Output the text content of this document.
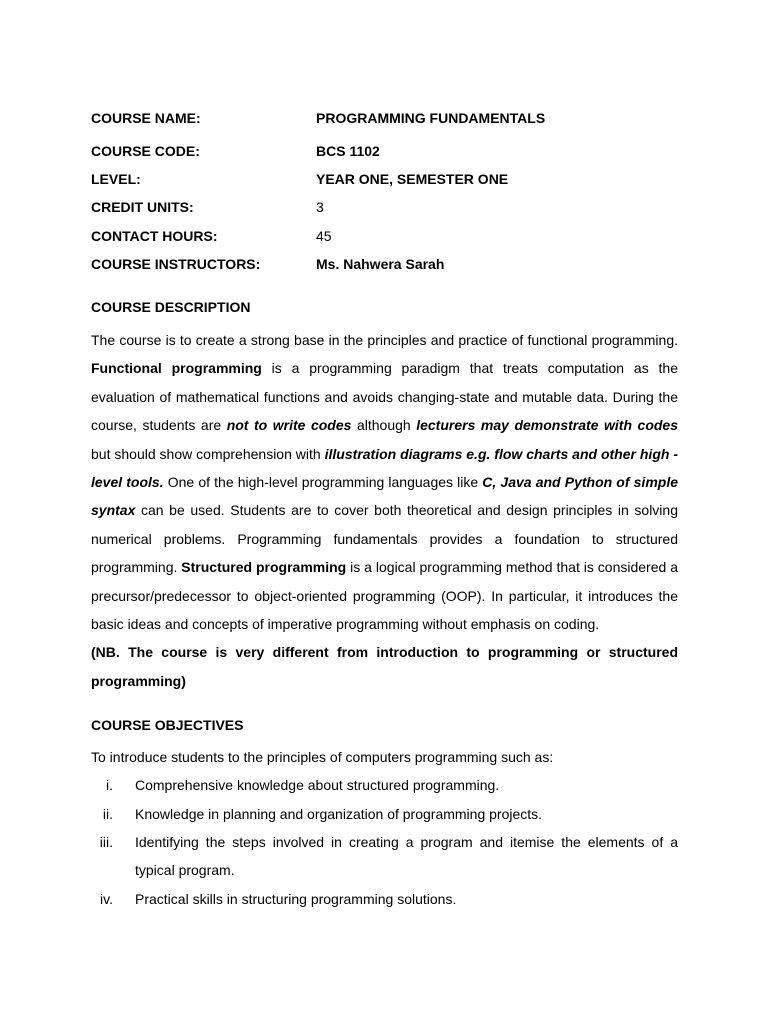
COURSE NAME:	PROGRAMMING FUNDAMENTALS
COURSE CODE:	BCS 1102
LEVEL:	YEAR ONE, SEMESTER ONE
CREDIT UNITS:	3
CONTACT HOURS:	45
COURSE INSTRUCTORS:	Ms. Nahwera Sarah
COURSE DESCRIPTION
The course is to create a strong base in the principles and practice of functional programming. Functional programming is a programming paradigm that treats computation as the evaluation of mathematical functions and avoids changing-state and mutable data. During the course, students are not to write codes although lecturers may demonstrate with codes but should show comprehension with illustration diagrams e.g. flow charts and other high -level tools. One of the high-level programming languages like C, Java and Python of simple syntax can be used. Students are to cover both theoretical and design principles in solving numerical problems. Programming fundamentals provides a foundation to structured programming. Structured programming is a logical programming method that is considered a precursor/predecessor to object-oriented programming (OOP). In particular, it introduces the basic ideas and concepts of imperative programming without emphasis on coding.
(NB. The course is very different from introduction to programming or structured programming)
COURSE OBJECTIVES
To introduce students to the principles of computers programming such as:
i. Comprehensive knowledge about structured programming.
ii. Knowledge in planning and organization of programming projects.
iii. Identifying the steps involved in creating a program and itemise the elements of a typical program.
iv. Practical skills in structuring programming solutions.
